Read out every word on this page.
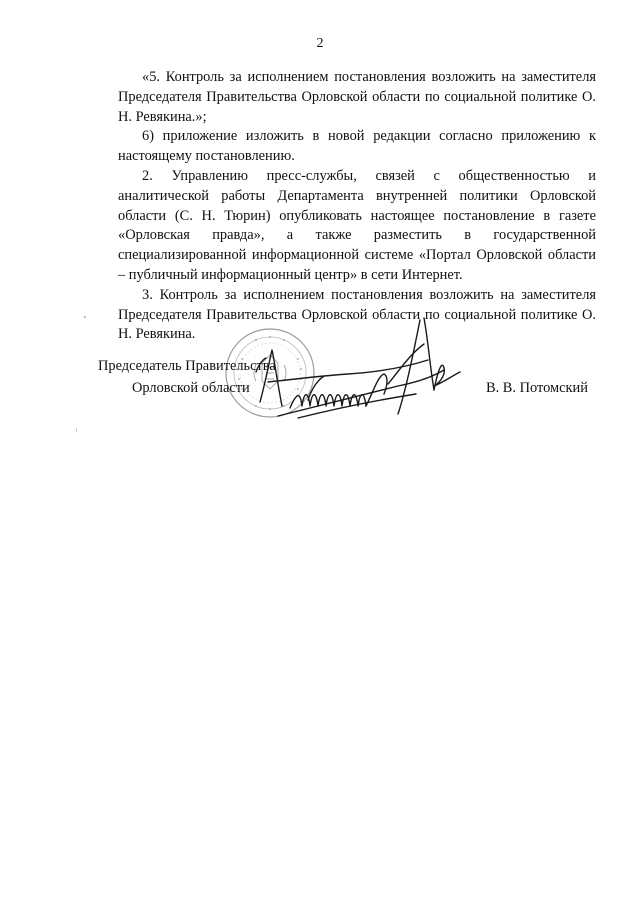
2

«5. Контроль за исполнением постановления возложить на заместителя Председателя Правительства Орловской области по социальной политике О. Н. Ревякина.»;

6) приложение изложить в новой редакции согласно приложению к настоящему постановлению.

2. Управлению пресс-службы, связей с общественностью и аналитической работы Департамента внутренней политики Орловской области (С. Н. Тюрин) опубликовать настоящее постановление в газете «Орловская правда», а также разместить в государственной специализированной информационной системе «Портал Орловской области – публичный информационный центр» в сети Интернет.

3. Контроль за исполнением постановления возложить на заместителя Председателя Правительства Орловской области по социальной политике О. Н. Ревякина.

Председатель Правительства
Орловской области	В. В. Потомский
